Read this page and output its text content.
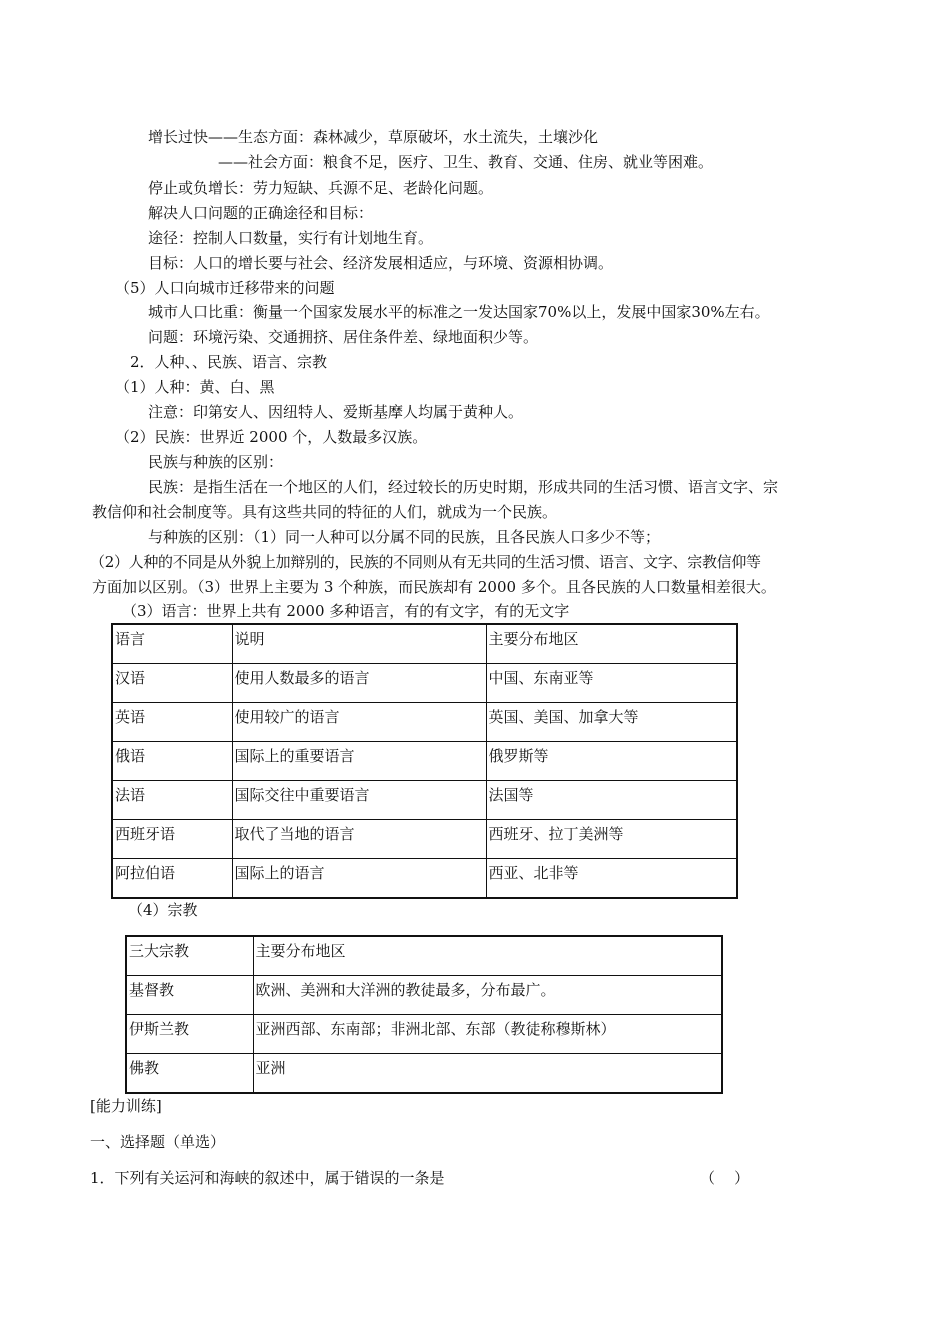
增长过快——生态方面：森林减少，草原破坏，水土流失，土壤沙化
——社会方面：粮食不足，医疗、卫生、教育、交通、住房、就业等困难。
停止或负增长：劳力短缺、兵源不足、老龄化问题。
解决人口问题的正确途径和目标：
途径：控制人口数量，实行有计划地生育。
目标：人口的增长要与社会、经济发展相适应，与环境、资源相协调。
（5）人口向城市迁移带来的问题
城市人口比重：衡量一个国家发展水平的标准之一发达国家70%以上，发展中国家30%左右。
问题：环境污染、交通拥挤、居住条件差、绿地面积少等。
2．人种、、民族、语言、宗教
（1）人种：黄、白、黑
注意：印第安人、因纽特人、爱斯基摩人均属于黄种人。
（2）民族：世界近 2000 个，人数最多汉族。
民族与种族的区别：
民族：是指生活在一个地区的人们，经过较长的历史时期，形成共同的生活习惯、语言文字、宗
教信仰和社会制度等。具有这些共同的特征的人们，就成为一个民族。
与种族的区别：（1）同一人种可以分属不同的民族，且各民族人口多少不等；
（2）人种的不同是从外貌上加辩别的，民族的不同则从有无共同的生活习惯、语言、文字、宗教信仰等
方面加以区别。（3）世界上主要为 3 个种族，而民族却有 2000 多个。且各民族的人口数量相差很大。
（3）语言：世界上共有 2000 多种语言，有的有文字，有的无文字
语言	说明	主要分布地区
汉语	使用人数最多的语言	中国、东南亚等
英语	使用较广的语言	英国、美国、加拿大等
俄语	国际上的重要语言	俄罗斯等
法语	国际交往中重要语言	法国等
西班牙语	取代了当地的语言	西班牙、拉丁美洲等
阿拉伯语	国际上的语言	西亚、北非等
（4）宗教
三大宗教	主要分布地区
基督教	欧洲、美洲和大洋洲的教徒最多，分布最广。
伊斯兰教	亚洲西部、东南部；非洲北部、东部（教徒称穆斯林）
佛教	亚洲
[能力训练]
一、选择题（单选）
1．下列有关运河和海峡的叙述中，属于错误的一条是	（    ）
